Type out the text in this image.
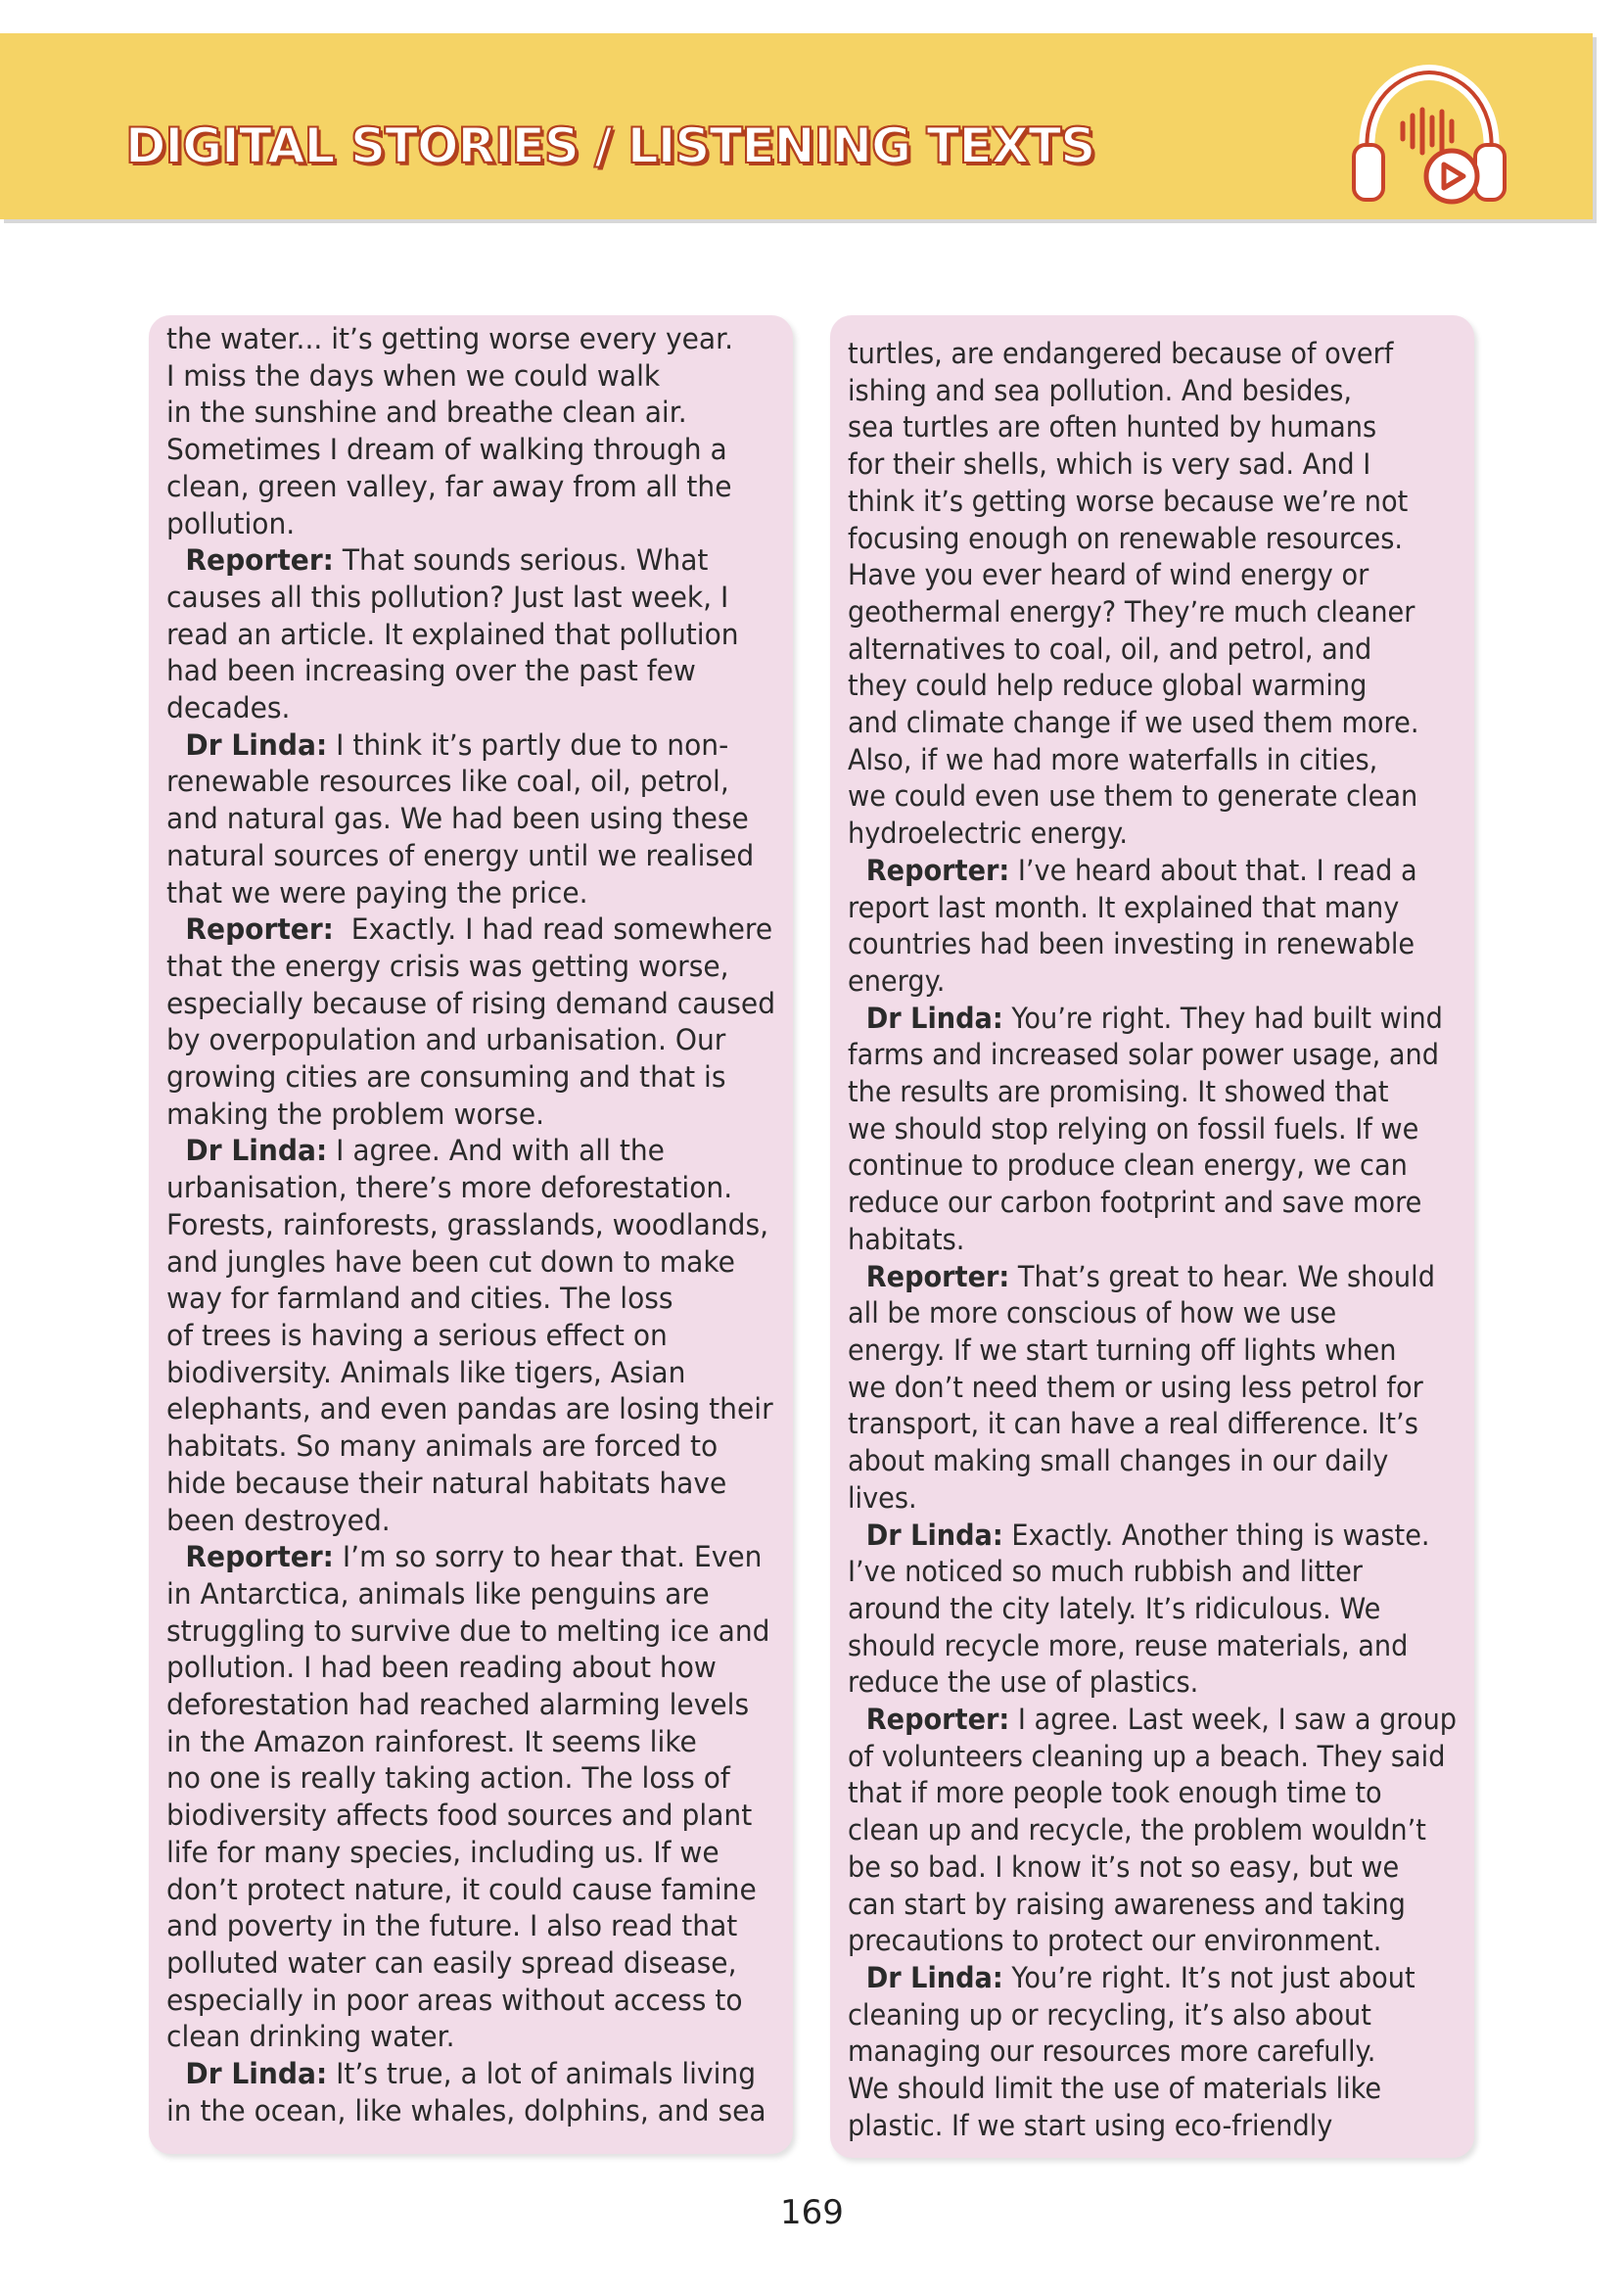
DIGITAL STORIES / LISTENING TEXTS
the water... it’s getting worse every year.
I miss the days when we could walk
in the sunshine and breathe clean air.
Sometimes I dream of walking through a
clean, green valley, far away from all the
pollution.
Reporter: That sounds serious. What
causes all this pollution? Just last week, I
read an article. It explained that pollution
had been increasing over the past few
decades.
Dr Linda: I think it’s partly due to non-
renewable resources like coal, oil, petrol,
and natural gas. We had been using these
natural sources of energy until we realised
that we were paying the price.
Reporter:  Exactly. I had read somewhere
that the energy crisis was getting worse,
especially because of rising demand caused
by overpopulation and urbanisation. Our
growing cities are consuming and that is
making the problem worse.
Dr Linda: I agree. And with all the
urbanisation, there’s more deforestation.
Forests, rainforests, grasslands, woodlands,
and jungles have been cut down to make
way for farmland and cities. The loss
of trees is having a serious effect on
biodiversity. Animals like tigers, Asian
elephants, and even pandas are losing their
habitats. So many animals are forced to
hide because their natural habitats have
been destroyed.
Reporter: I’m so sorry to hear that. Even
in Antarctica, animals like penguins are
struggling to survive due to melting ice and
pollution. I had been reading about how
deforestation had reached alarming levels
in the Amazon rainforest. It seems like
no one is really taking action. The loss of
biodiversity affects food sources and plant
life for many species, including us. If we
don’t protect nature, it could cause famine
and poverty in the future. I also read that
polluted water can easily spread disease,
especially in poor areas without access to
clean drinking water.
Dr Linda: It’s true, a lot of animals living
in the ocean, like whales, dolphins, and sea
turtles, are endangered because of overf
ishing and sea pollution. And besides,
sea turtles are often hunted by humans
for their shells, which is very sad. And I
think it’s getting worse because we’re not
focusing enough on renewable resources.
Have you ever heard of wind energy or
geothermal energy? They’re much cleaner
alternatives to coal, oil, and petrol, and
they could help reduce global warming
and climate change if we used them more.
Also, if we had more waterfalls in cities,
we could even use them to generate clean
hydroelectric energy.
Reporter: I’ve heard about that. I read a
report last month. It explained that many
countries had been investing in renewable
energy.
Dr Linda: You’re right. They had built wind
farms and increased solar power usage, and
the results are promising. It showed that
we should stop relying on fossil fuels. If we
continue to produce clean energy, we can
reduce our carbon footprint and save more
habitats.
Reporter: That’s great to hear. We should
all be more conscious of how we use
energy. If we start turning off lights when
we don’t need them or using less petrol for
transport, it can have a real difference. It’s
about making small changes in our daily
lives.
Dr Linda: Exactly. Another thing is waste.
I’ve noticed so much rubbish and litter
around the city lately. It’s ridiculous. We
should recycle more, reuse materials, and
reduce the use of plastics.
Reporter: I agree. Last week, I saw a group
of volunteers cleaning up a beach. They said
that if more people took enough time to
clean up and recycle, the problem wouldn’t
be so bad. I know it’s not so easy, but we
can start by raising awareness and taking
precautions to protect our environment.
Dr Linda: You’re right. It’s not just about
cleaning up or recycling, it’s also about
managing our resources more carefully.
We should limit the use of materials like
plastic. If we start using eco-friendly
169
